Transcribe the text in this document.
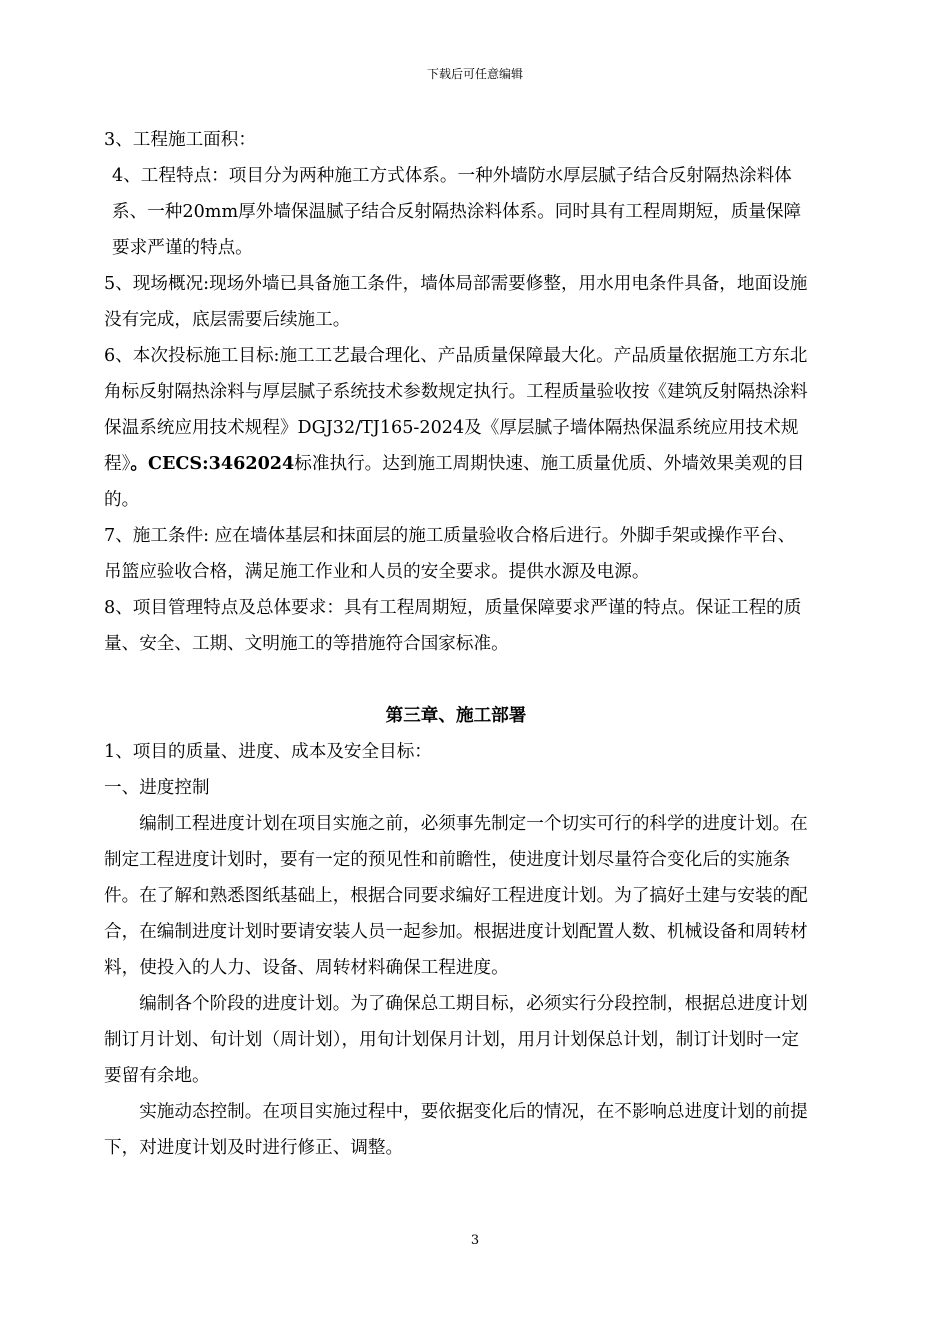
下载后可任意编辑

3、工程施工面积：

4、工程特点：项目分为两种施工方式体系。一种外墙防水厚层腻子结合反射隔热涂料体系、一种20mm厚外墙保温腻子结合反射隔热涂料体系。同时具有工程周期短，质量保障要求严谨的特点。

5、现场概况:现场外墙已具备施工条件，墙体局部需要修整，用水用电条件具备，地面设施没有完成，底层需要后续施工。

6、本次投标施工目标:施工工艺最合理化、产品质量保障最大化。产品质量依据施工方东北角标反射隔热涂料与厚层腻子系统技术参数规定执行。工程质量验收按《建筑反射隔热涂料保温系统应用技术规程》DGJ32/TJ165-2024及《厚层腻子墙体隔热保温系统应用技术规程》。CECS:3462024标准执行。达到施工周期快速、施工质量优质、外墙效果美观的目的。

7、施工条件: 应在墙体基层和抹面层的施工质量验收合格后进行。外脚手架或操作平台、吊篮应验收合格，满足施工作业和人员的安全要求。提供水源及电源。

8、项目管理特点及总体要求：具有工程周期短，质量保障要求严谨的特点。保证工程的质量、安全、工期、文明施工的等措施符合国家标准。

第三章、施工部署

1、项目的质量、进度、成本及安全目标：

一、进度控制

编制工程进度计划在项目实施之前，必须事先制定一个切实可行的科学的进度计划。在制定工程进度计划时，要有一定的预见性和前瞻性，使进度计划尽量符合变化后的实施条件。在了解和熟悉图纸基础上，根据合同要求编好工程进度计划。为了搞好土建与安装的配合，在编制进度计划时要请安装人员一起参加。根据进度计划配置人数、机械设备和周转材料，使投入的人力、设备、周转材料确保工程进度。

编制各个阶段的进度计划。为了确保总工期目标，必须实行分段控制，根据总进度计划制订月计划、旬计划（周计划），用旬计划保月计划，用月计划保总计划，制订计划时一定要留有余地。

实施动态控制。在项目实施过程中，要依据变化后的情况，在不影响总进度计划的前提下，对进度计划及时进行修正、调整。

3
